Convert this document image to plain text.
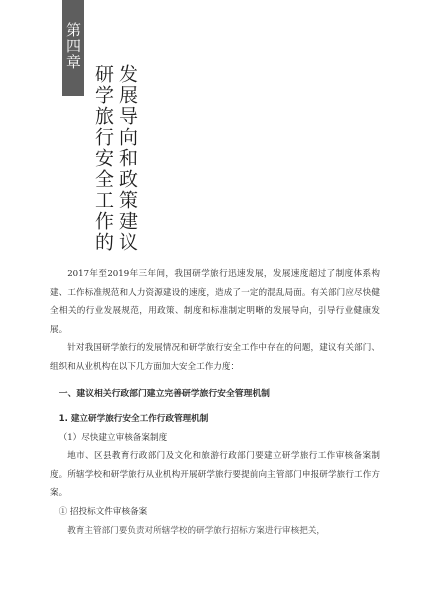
第四章
发展导向和政策建议
研学旅行安全工作的

2017年至2019年三年间，我国研学旅行迅速发展，发展速度超过了制度体系构建、工作标准规范和人力资源建设的速度，造成了一定的混乱局面。有关部门应尽快健全相关的行业发展规范，用政策、制度和标准制定明晰的发展导向，引导行业健康发展。

针对我国研学旅行的发展情况和研学旅行安全工作中存在的问题，建议有关部门、组织和从业机构在以下几方面加大安全工作力度：

一、建议相关行政部门建立完善研学旅行安全管理机制
1. 建立研学旅行安全工作行政管理机制
（1）尽快建立审核备案制度

地市、区县教育行政部门及文化和旅游行政部门要建立研学旅行工作审核备案制度。所辖学校和研学旅行从业机构开展研学旅行要提前向主管部门申报研学旅行工作方案。

① 招投标文件审核备案

教育主管部门要负责对所辖学校的研学旅行招标方案进行审核把关，
